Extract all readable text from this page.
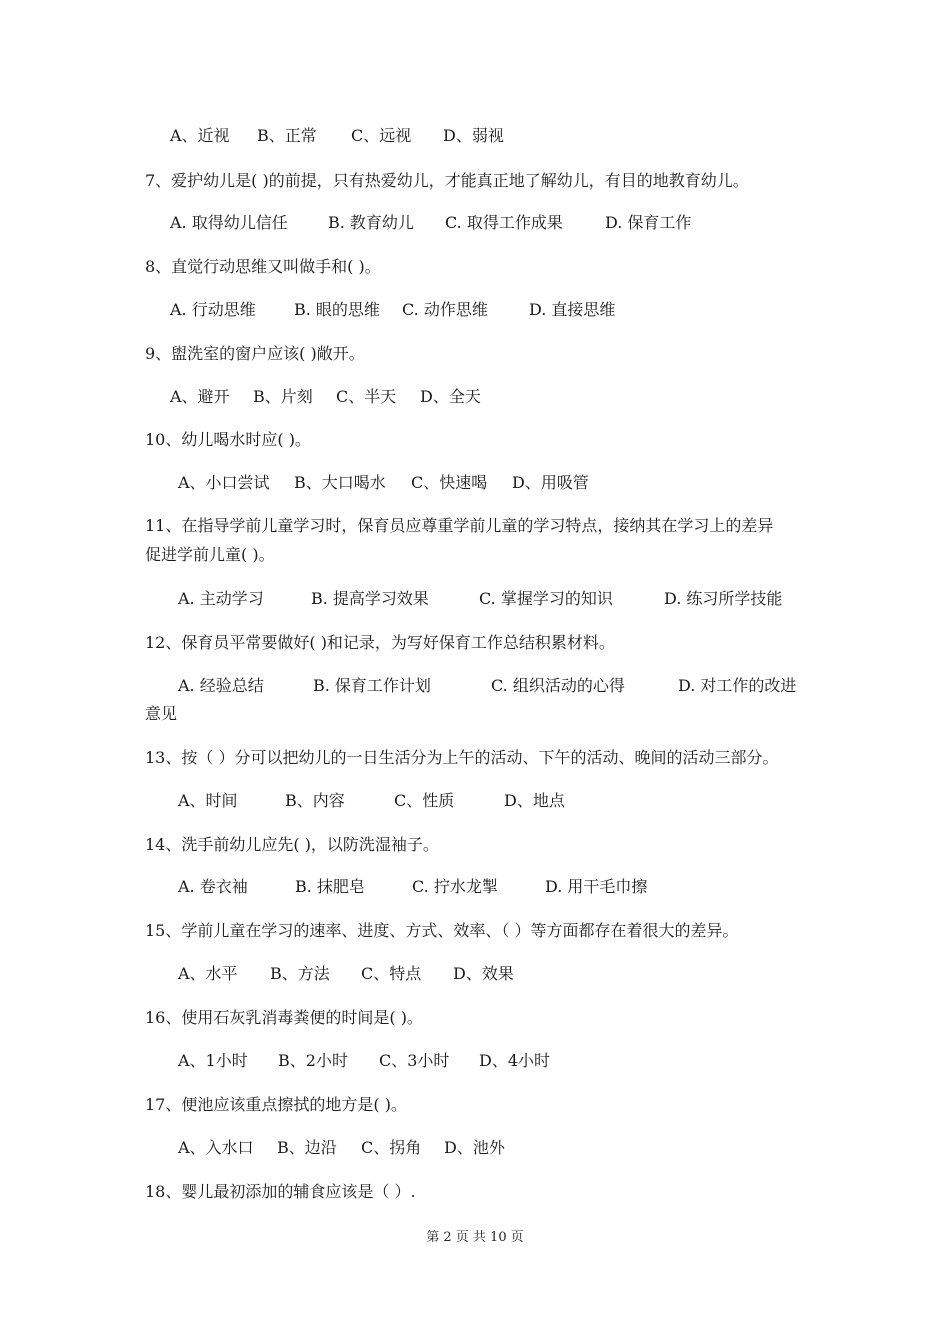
A、近视 B、正常 C、远视 D、弱视
7、爱护幼儿是( )的前提，只有热爱幼儿，才能真正地了解幼儿，有目的地教育幼儿。
A. 取得幼儿信任	B. 教育幼儿 C. 取得工作成果	D. 保育工作
8、直觉行动思维又叫做手和( )。
A. 行动思维 B. 眼的思维 C. 动作思维	D. 直接思维
9、盥洗室的窗户应该( )敞开。
A、避开 B、片刻 C、半天 D、全天
10、幼儿喝水时应( )。
A、小口尝试 B、大口喝水 C、快速喝 D、用吸管
11、在指导学前儿童学习时，保育员应尊重学前儿童的学习特点，接纳其在学习上的差异
促进学前儿童( )。
A. 主动学习	B. 提高学习效果	C. 掌握学习的知识	D. 练习所学技能
12、保育员平常要做好( )和记录，为写好保育工作总结积累材料。
A. 经验总结	B. 保育工作计划	C. 组织活动的心得	D. 对工作的改进
意见
13、按（ ）分可以把幼儿的一日生活分为上午的活动、下午的活动、晚间的活动三部分。
A、时间	B、内容	C、性质	D、地点
14、洗手前幼儿应先( )，以防洗湿袖子。
A. 卷衣袖	B. 抹肥皂	C. 拧水龙掣	D. 用干毛巾擦
15、学前儿童在学习的速率、进度、方式、效率、（ ）等方面都存在着很大的差异。
A、水平 B、方法 C、特点 D、效果
16、使用石灰乳消毒粪便的时间是( )。
A、1小时 B、2小时 C、3小时 D、4小时
17、便池应该重点擦拭的地方是( )。
A、入水口 B、边沿 C、拐角 D、池外
18、婴儿最初添加的辅食应该是（ ）.
第 2 页 共 10 页
